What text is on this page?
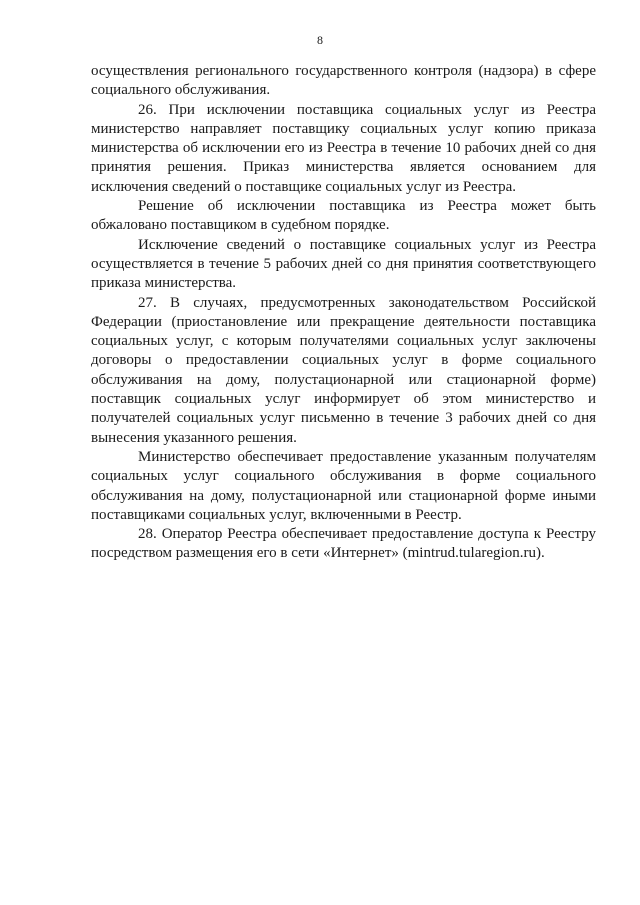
8

осуществления регионального государственного контроля (надзора) в сфере социального обслуживания.

26. При исключении поставщика социальных услуг из Реестра министерство направляет поставщику социальных услуг копию приказа министерства об исключении его из Реестра в течение 10 рабочих дней со дня принятия решения. Приказ министерства является основанием для исключения сведений о поставщике социальных услуг из Реестра.

Решение об исключении поставщика из Реестра может быть обжаловано поставщиком в судебном порядке.

Исключение сведений о поставщике социальных услуг из Реестра осуществляется в течение 5 рабочих дней со дня принятия соответствующего приказа министерства.

27. В случаях, предусмотренных законодательством Российской Федерации (приостановление или прекращение деятельности поставщика социальных услуг, с которым получателями социальных услуг заключены договоры о предоставлении социальных услуг в форме социального обслуживания на дому, полустационарной или стационарной форме) поставщик социальных услуг информирует об этом министерство и получателей социальных услуг письменно в течение 3 рабочих дней со дня вынесения указанного решения.

Министерство обеспечивает предоставление указанным получателям социальных услуг социального обслуживания в форме социального обслуживания на дому, полустационарной или стационарной форме иными поставщиками социальных услуг, включенными в Реестр.

28. Оператор Реестра обеспечивает предоставление доступа к Реестру посредством размещения его в сети «Интернет» (mintrud.tularegion.ru).
